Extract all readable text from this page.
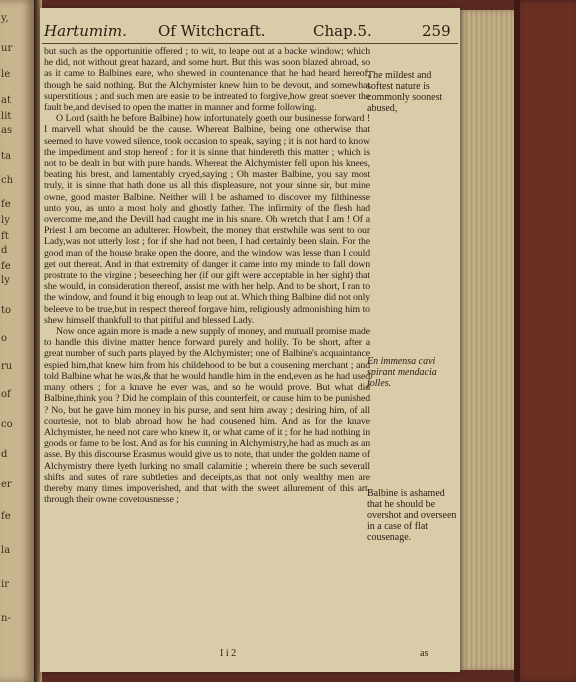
y,
ur
le
at
lit
as
ta
ch
fe
ly
ft
d
fe
ly
to
o
ru
of
co
d
er
fe
la
ir
n-
Hartumim. Of Witchcraft.	Chap.5.	259

but such as the opportunitie offered ; to wit, to leape out at a backe window; which he did, not without great hazard, and some hurt. But this was soon blazed abroad, so as it came to Balbines eare, who shewed in countenance that he had heard hereof, though he said nothing. But the Alchymister knew him to be devout, and somewhat superstitious ; and such men are easie to be intreated to forgive,how great soever the fault be,and devised to open the matter in manner and forme following.

O Lord (saith he before Balbine) how infortunately goeth our businesse forward ! I marvell what should be the cause. Whereat Balbine, being one otherwise that seemed to have vowed silence, took occasion to speak, saying ; it is not hard to know the impediment and stop hereof : for it is sinne that hindereth this matter ; which is not to be dealt in but with pure hands. Whereat the Alchymister fell upon his knees, beating his brest, and lamentably cryed,saying ; Oh master Balbine, you say most truly, it is sinne that hath done us all this displeasure, not your sinne sir, but mine owne, good master Balbine. Neither will I be ashamed to discover my filthinesse unto you, as unto a most holy and ghostly father. The infirmity of the flesh had overcome me,and the Devill had caught me in his snare. Oh wretch that I am ! Of a Priest I am become an adulterer. Howbeit, the money that erstwhile was sent to our Lady,was not utterly lost ; for if she had not been, I had certainly been slain. For the good man of the house brake open the doore, and the window was lesse than I could get out thereat. And in that extremity of danger it came into my minde to fall down prostrate to the virgine ; beseeching her (if our gift were acceptable in her sight) that she would, in consideration thereof, assist me with her help. And to be short, I ran to the window, and found it big enough to leap out at. Which thing Balbine did not only beleeve to be true,but in respect thereof forgave him, religiously admonishing him to shew himself thankfull to that pitiful and blessed Lady.

Now once again more is made a new supply of money, and mutuall promise made to handle this divine matter hence forward purely and holily. To be short, after a great number of such parts played by the Alchymister; one of Balbine's acquaintance espied him,that knew him from his childehood to be but a cousening merchant ; and told Balbine what he was,& that he would handle him in the end,even as he had used many others ; for a knave he ever was, and so he would prove. But what did Balbine,think you ? Did he complain of this counterfeit, or cause him to be punished ? No, but he gave him money in his purse, and sent him away ; desiring him, of all courtesie, not to blab abroad how he had cousened him. And as for the knave Alchymister, he need not care who knew it, or what came of it ; for he had nothing in goods or fame to be lost. And as for his cunning in Alchymistry,he had as much as an asse. By this discourse Erasmus would give us to note, that under the golden name of Alchymistry there lyeth lurking no small calamitie ; wherein there be such severall shifts and sutes of rare subtleties and deceipts,as that not only wealthy men are thereby many times impoverished, and that with the sweet allurement of this art, through their owne covetousnesse ;

The mildest and softest nature is commonly soonest abused,
En immensa cavi spirant mendacia folles.
Balbine is ashamed that he should be overshot and overseen in a case of flat cousenage.
I i 2	as
